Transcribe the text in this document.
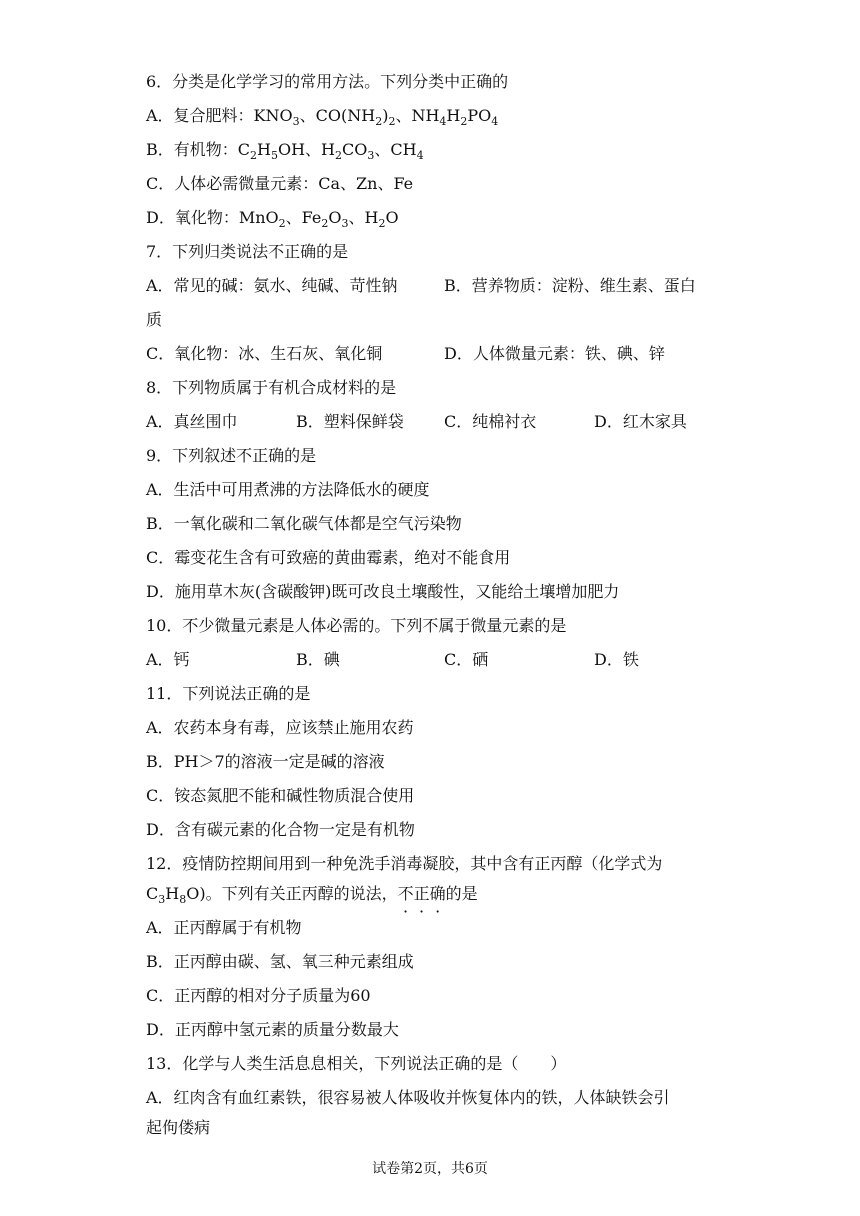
6．分类是化学学习的常用方法。下列分类中正确的
A．复合肥料：$KNO_3$、$CO(NH_2)_2$、$NH_4H_2PO_4$
B．有机物：$C_2H_5OH$、$H_2CO_3$、$CH_4$
C．人体必需微量元素：Ca、Zn、Fe
D．氧化物：MnO$_2$、$Fe_2O_3$、$H_2O$
7．下列归类说法不正确的是
A．常见的碱：氨水、纯碱、苛性钠	B．营养物质：淀粉、维生素、蛋白
质
C．氧化物：冰、生石灰、氧化铜	D．人体微量元素：铁、碘、锌
8．下列物质属于有机合成材料的是
A．真丝围巾	B．塑料保鲜袋	C．纯棉衬衣	D．红木家具
9．下列叙述不正确的是
A．生活中可用煮沸的方法降低水的硬度
B．一氧化碳和二氧化碳气体都是空气污染物
C．霉变花生含有可致癌的黄曲霉素，绝对不能食用
D．施用草木灰(含碳酸钾)既可改良土壤酸性，又能给土壤增加肥力
10．不少微量元素是人体必需的。下列不属于微量元素的是
A．钙	B．碘	C．硒	D．铁
11．下列说法正确的是
A．农药本身有毒，应该禁止施用农药
B．PH＞7的溶液一定是碱的溶液
C．铵态氮肥不能和碱性物质混合使用
D．含有碳元素的化合物一定是有机物
12．疫情防控期间用到一种免洗手消毒凝胶，其中含有正丙醇（化学式为
$C_3H_8O$)。下列有关正丙醇的说法，不正确的是
A．正丙醇属于有机物
B．正丙醇由碳、氢、氧三种元素组成
C．正丙醇的相对分子质量为60
D．正丙醇中氢元素的质量分数最大
13．化学与人类生活息息相关，下列说法正确的是（　　）
A．红肉含有血红素铁，很容易被人体吸收并恢复体内的铁，人体缺铁会引
起佝偻病
试卷第2页，共6页
